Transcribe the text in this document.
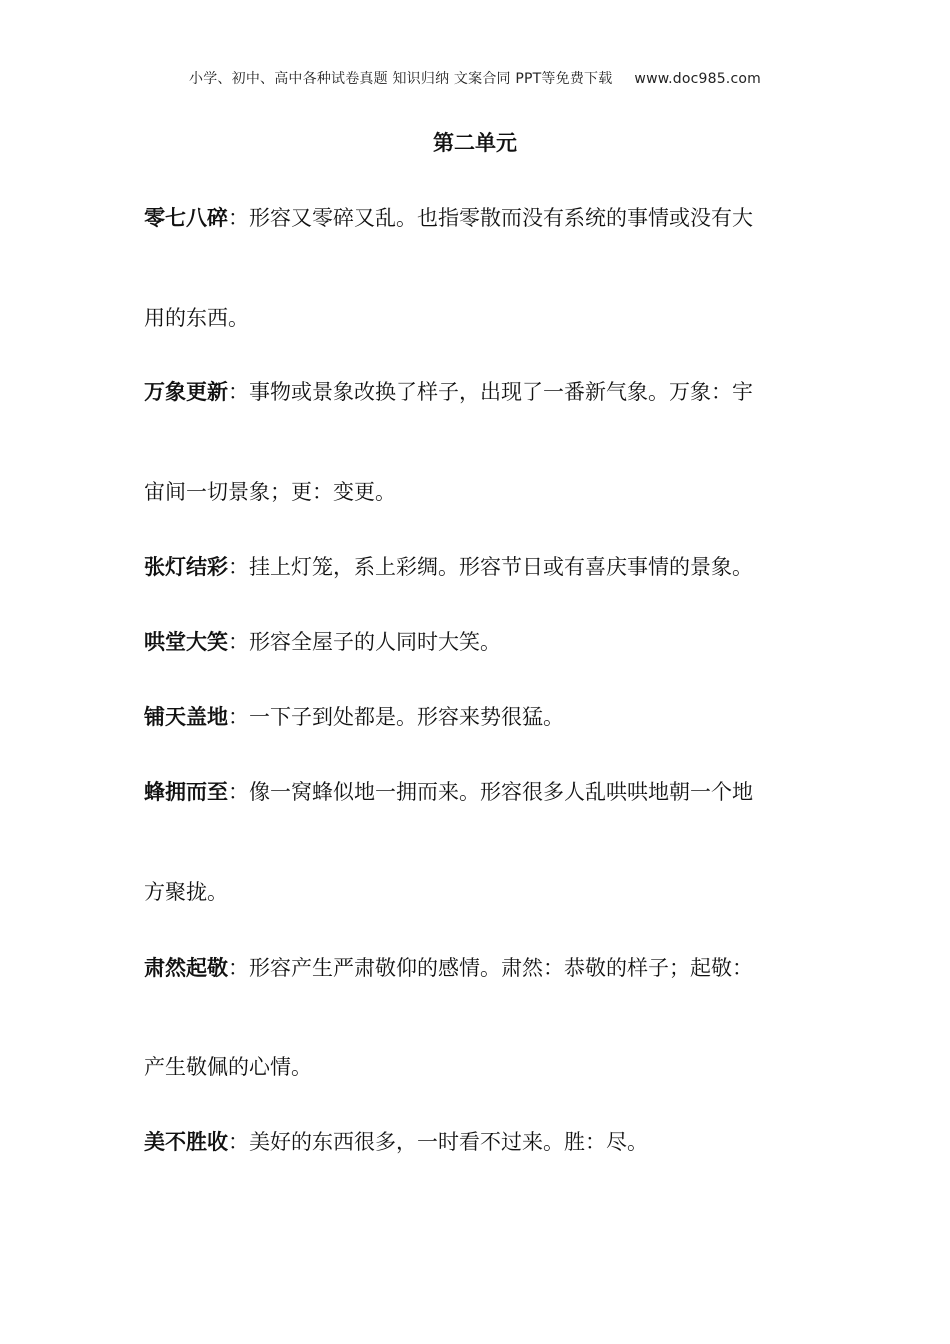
小学、初中、高中各种试卷真题 知识归纳 文案合同 PPT等免费下载 www.doc985.com
第二单元
零七八碎：形容又零碎又乱。也指零散而没有系统的事情或没有大
用的东西。
万象更新：事物或景象改换了样子，出现了一番新气象。万象：宇
宙间一切景象；更：变更。
张灯结彩：挂上灯笼，系上彩绸。形容节日或有喜庆事情的景象。
哄堂大笑：形容全屋子的人同时大笑。
铺天盖地：一下子到处都是。形容来势很猛。
蜂拥而至：像一窝蜂似地一拥而来。形容很多人乱哄哄地朝一个地
方聚拢。
肃然起敬：形容产生严肃敬仰的感情。肃然：恭敬的样子；起敬：
产生敬佩的心情。
美不胜收：美好的东西很多，一时看不过来。胜：尽。
